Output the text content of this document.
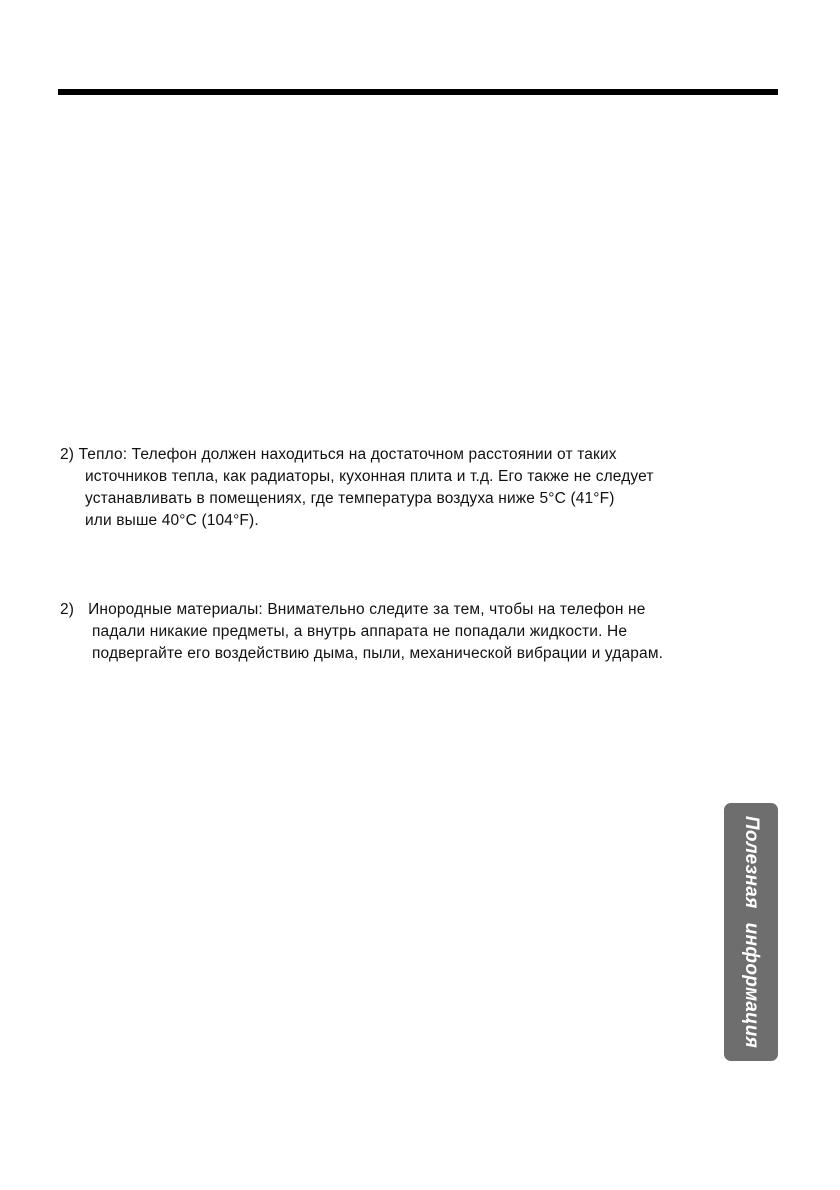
2) Тепло: Телефон должен находиться на достаточном расстоянии от таких
источников тепла, как радиаторы, кухонная плита и т.д. Его также не следует
устанавливать в помещениях, где температура воздуха ниже 5°C (41°F)
или выше 40°C (104°F).
2) Инородные материалы: Внимательно следите за тем, чтобы на телефон не
падали никакие предметы, а внутрь аппарата не попадали жидкости. Не
подвергайте его воздействию дыма, пыли, механической вибрации и ударам.
Полезнаяинформация
